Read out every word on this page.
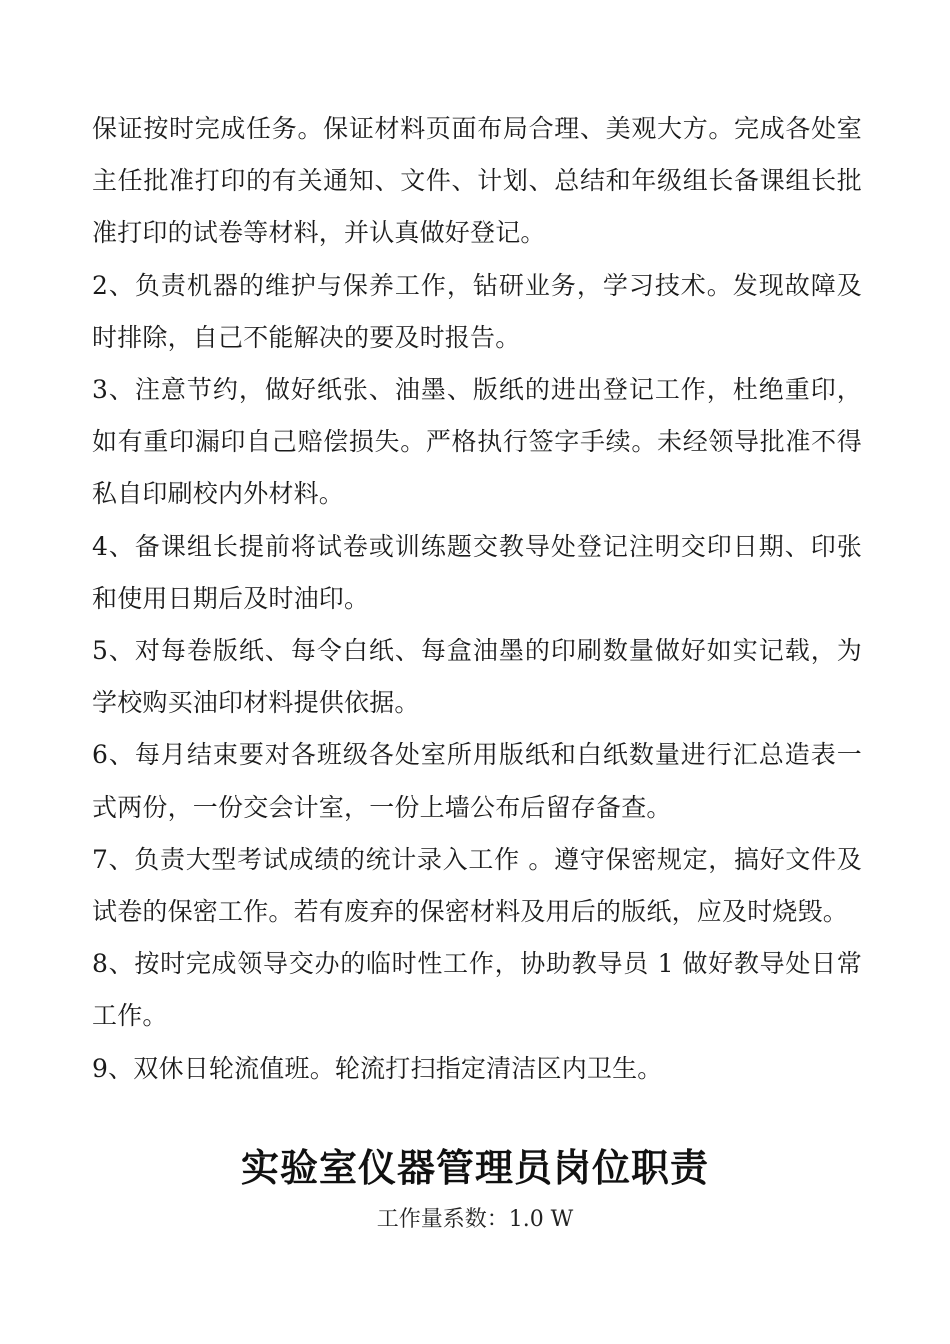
保证按时完成任务。保证材料页面布局合理、美观大方。完成各处室主任批准打印的有关通知、文件、计划、总结和年级组长备课组长批准打印的试卷等材料，并认真做好登记。

2、负责机器的维护与保养工作，钻研业务，学习技术。发现故障及时排除，自己不能解决的要及时报告。

3、注意节约，做好纸张、油墨、版纸的进出登记工作，杜绝重印，如有重印漏印自己赔偿损失。严格执行签字手续。未经领导批准不得私自印刷校内外材料。

4、备课组长提前将试卷或训练题交教导处登记注明交印日期、印张和使用日期后及时油印。

5、对每卷版纸、每令白纸、每盒油墨的印刷数量做好如实记载，为学校购买油印材料提供依据。

6、每月结束要对各班级各处室所用版纸和白纸数量进行汇总造表一式两份，一份交会计室，一份上墙公布后留存备查。

7、负责大型考试成绩的统计录入工作 。遵守保密规定，搞好文件及试卷的保密工作。若有废弃的保密材料及用后的版纸，应及时烧毁。

8、按时完成领导交办的临时性工作，协助教导员 1 做好教导处日常工作。

9、双休日轮流值班。轮流打扫指定清洁区内卫生。

实验室仪器管理员岗位职责
工作量系数：1.0 W
